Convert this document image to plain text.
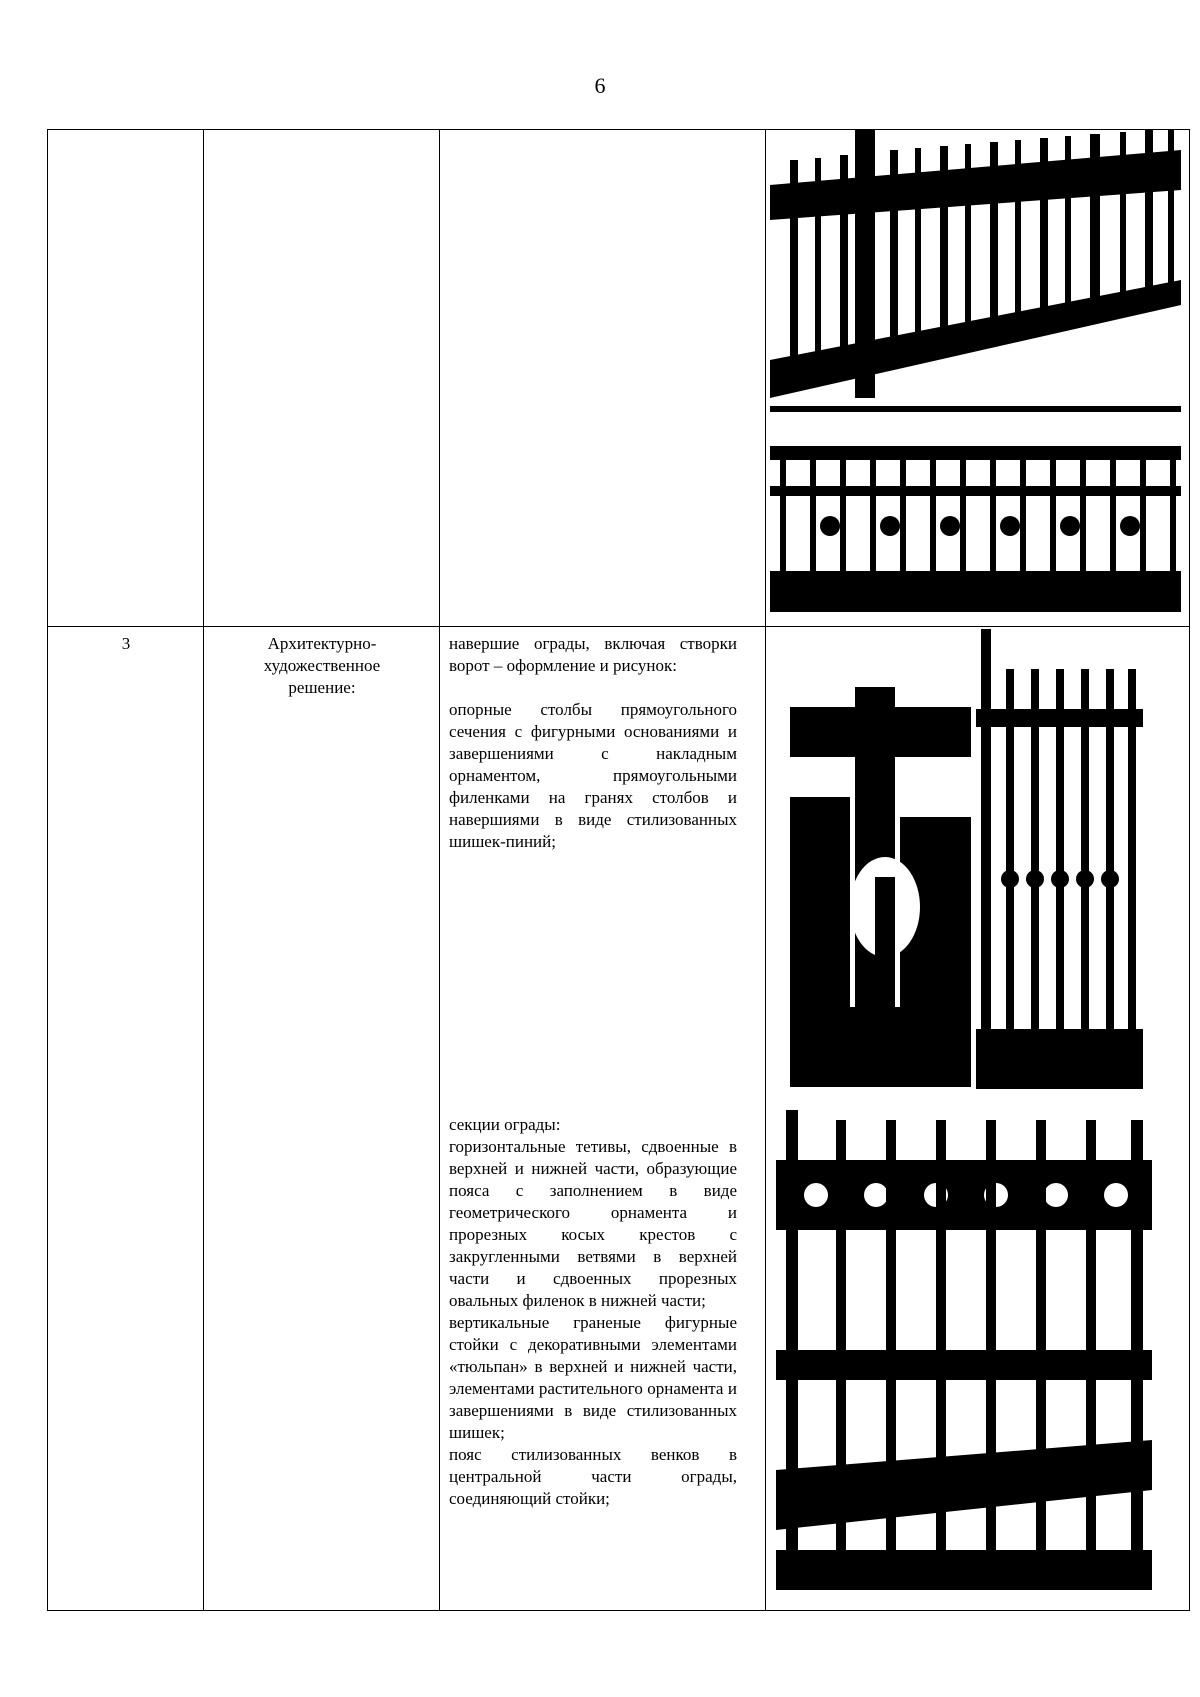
6
3	Архитектурно-художественное решение:

навершие ограды, включая створки ворот – оформление и рисунок:

опорные столбы прямоугольного сечения с фигурными основаниями и завершениями с накладным орнаментом, прямоугольными филенками на гранях столбов и навершиями в виде стилизованных шишек-пиний;

секции ограды:

горизонтальные тетивы, сдвоенные в верхней и нижней части, образующие пояса с заполнением в виде геометрического орнамента и прорезных косых крестов с закругленными ветвями в верхней части и сдвоенных прорезных овальных филенок в нижней части;

вертикальные граненые фигурные стойки с декоративными элементами «тюльпан» в верхней и нижней части, элементами растительного орнамента и завершениями в виде стилизованных шишек;

пояс стилизованных венков в центральной части ограды, соединяющий стойки;
